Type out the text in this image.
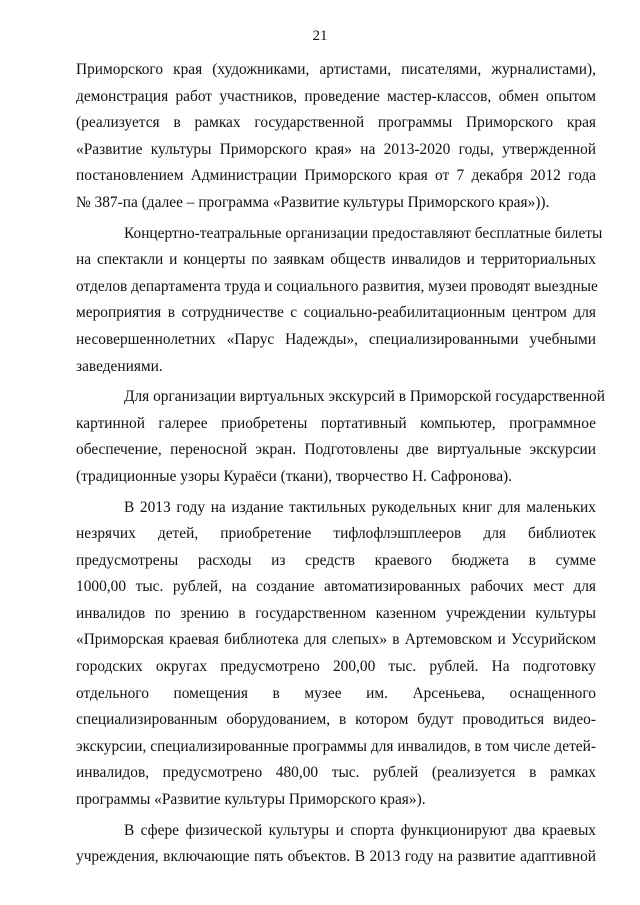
21
Приморского края (художниками, артистами, писателями, журналистами),
демонстрация работ участников, проведение мастер-классов, обмен опытом
(реализуется в рамках государственной программы Приморского края
«Развитие культуры Приморского края» на 2013-2020 годы, утвержденной
постановлением Администрации Приморского края от 7 декабря 2012 года
№ 387-па (далее – программа «Развитие культуры Приморского края»)).
Концертно-театральные организации предоставляют бесплатные билеты
на спектакли и концерты по заявкам обществ инвалидов и территориальных
отделов департамента труда и социального развития, музеи проводят выездные
мероприятия в сотрудничестве с социально-реабилитационным центром для
несовершеннолетних «Парус Надежды», специализированными учебными
заведениями.
Для организации виртуальных экскурсий в Приморской государственной
картинной галерее приобретены портативный компьютер, программное
обеспечение, переносной экран. Подготовлены две виртуальные экскурсии
(традиционные узоры Кураёси (ткани), творчество Н. Сафронова).
В 2013 году на издание тактильных рукодельных книг для маленьких
незрячих детей, приобретение тифлофлэшплееров для библиотек
предусмотрены расходы из средств краевого бюджета в сумме
1000,00 тыс. рублей, на создание автоматизированных рабочих мест для
инвалидов по зрению в государственном казенном учреждении культуры
«Приморская краевая библиотека для слепых» в Артемовском и Уссурийском
городских округах предусмотрено 200,00 тыс. рублей. На подготовку
отдельного помещения в музее им. Арсеньева, оснащенного
специализированным оборудованием, в котором будут проводиться видео-
экскурсии, специализированные программы для инвалидов, в том числе детей-
инвалидов, предусмотрено 480,00 тыс. рублей (реализуется в рамках
программы «Развитие культуры Приморского края»).
В сфере физической культуры и спорта функционируют два краевых
учреждения, включающие пять объектов. В 2013 году на развитие адаптивной
